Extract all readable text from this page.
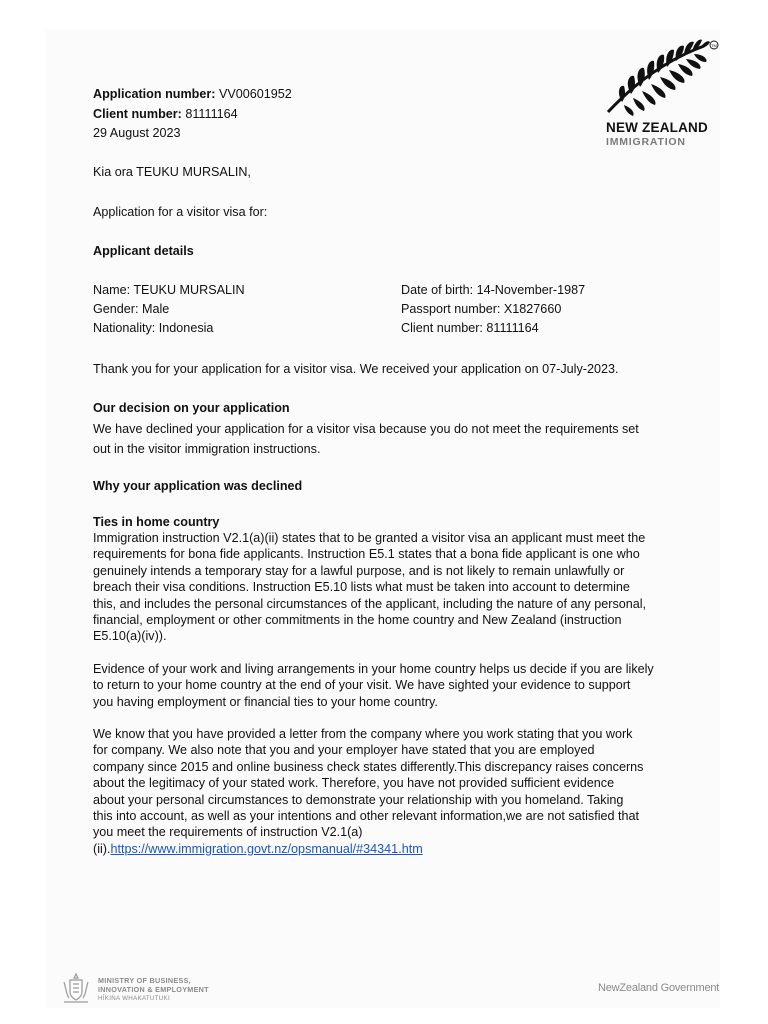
TM
NEW ZEALAND
IMMIGRATION
Application number: VV00601952
Client number: 81111164
29 August 2023
Kia ora TEUKU MURSALIN,
Application for a visitor visa for:
Applicant details
Name: TEUKU MURSALIN
Gender: Male
Nationality: Indonesia
Date of birth: 14-November-1987
Passport number: X1827660
Client number: 81111164
Thank you for your application for a visitor visa. We received your application on 07-July-2023.
Our decision on your application
We have declined your application for a visitor visa because you do not meet the requirements set
out in the visitor immigration instructions.
Why your application was declined
Ties in home country
Immigration instruction V2.1(a)(ii) states that to be granted a visitor visa an applicant must meet the
requirements for bona fide applicants. Instruction E5.1 states that a bona fide applicant is one who
genuinely intends a temporary stay for a lawful purpose, and is not likely to remain unlawfully or
breach their visa conditions. Instruction E5.10 lists what must be taken into account to determine
this, and includes the personal circumstances of the applicant, including the nature of any personal,
financial, employment or other commitments in the home country and New Zealand (instruction
E5.10(a)(iv)).
Evidence of your work and living arrangements in your home country helps us decide if you are likely
to return to your home country at the end of your visit. We have sighted your evidence to support
you having employment or financial ties to your home country.
We know that you have provided a letter from the company where you work stating that you work
for company. We also note that you and your employer have stated that you are employed
company since 2015 and online business check states differently.This discrepancy raises concerns
about the legitimacy of your stated work. Therefore, you have not provided sufficient evidence
about your personal circumstances to demonstrate your relationship with you homeland. Taking
this into account, as well as your intentions and other relevant information,we are not satisfied that
you meet the requirements of instruction V2.1(a)
(ii).https://www.immigration.govt.nz/opsmanual/#34341.htm
MINISTRY OF BUSINESS,
INNOVATION & EMPLOYMENT
HĪKINA WHAKATUTUKI
NewZealand Government
